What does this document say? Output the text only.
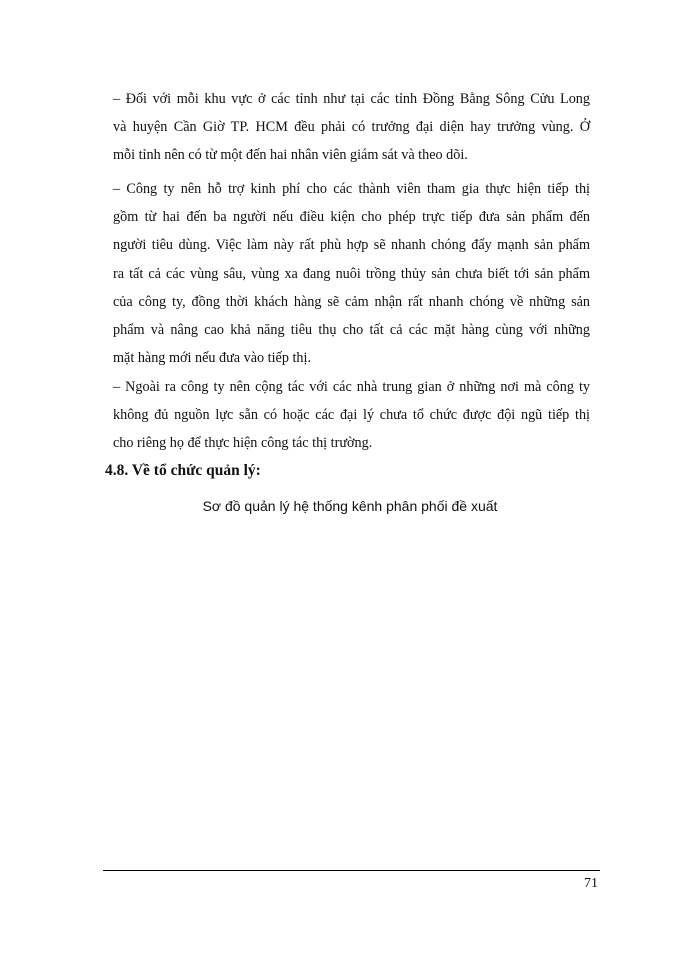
– Đối với mỗi khu vực ở các tỉnh như tại các tỉnh Đồng Bằng Sông Cửu Long
và huyện Cần Giờ TP. HCM đều phải có trưởng đại diện hay trưởng vùng. Ở
mỗi tỉnh nên có từ một đến hai nhân viên giám sát và theo dõi.
– Công ty nên hỗ trợ kinh phí cho các thành viên tham gia thực hiện tiếp thị
gồm từ hai đến ba người nếu điều kiện cho phép trực tiếp đưa sản phẩm đến
người tiêu dùng. Việc làm này rất phù hợp sẽ nhanh chóng đẩy mạnh sản phẩm
ra tất cả các vùng sâu, vùng xa đang nuôi trồng thủy sản chưa biết tới sản phẩm
của công ty, đồng thời khách hàng sẽ cảm nhận rất nhanh chóng về những sản
phẩm và nâng cao khả năng tiêu thụ cho tất cả các mặt hàng cùng với những
mặt hàng mới nếu đưa vào tiếp thị.
– Ngoài ra công ty nên cộng tác với các nhà trung gian ở những nơi mà công ty
không đủ nguồn lực sẵn có hoặc các đại lý chưa tổ chức được đội ngũ tiếp thị
cho riêng họ để thực hiện công tác thị trường.

4.8. Về tổ chức quản lý:

Sơ đồ quản lý hệ thống kênh phân phối đề xuất

71
